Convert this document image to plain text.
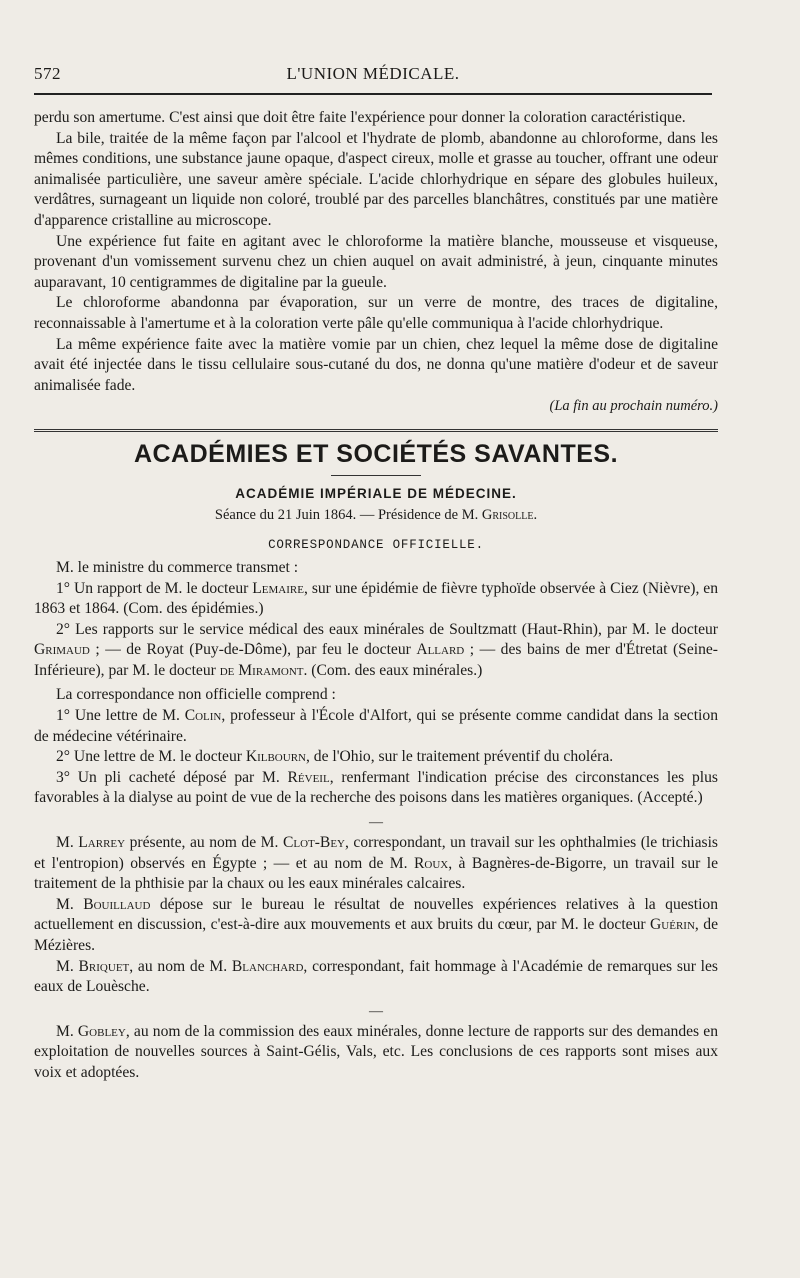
572	L'UNION MÉDICALE.

perdu son amertume. C'est ainsi que doit être faite l'expérience pour donner la coloration caractéristique.

La bile, traitée de la même façon par l'alcool et l'hydrate de plomb, abandonne au chloroforme, dans les mêmes conditions, une substance jaune opaque, d'aspect cireux, molle et grasse au toucher, offrant une odeur animalisée particulière, une saveur amère spéciale. L'acide chlorhydrique en sépare des globules huileux, verdâtres, surnageant un liquide non coloré, troublé par des parcelles blanchâtres, constitués par une matière d'apparence cristalline au microscope.

Une expérience fut faite en agitant avec le chloroforme la matière blanche, mousseuse et visqueuse, provenant d'un vomissement survenu chez un chien auquel on avait administré, à jeun, cinquante minutes auparavant, 10 centigrammes de digitaline par la gueule.

Le chloroforme abandonna par évaporation, sur un verre de montre, des traces de digitaline, reconnaissable à l'amertume et à la coloration verte pâle qu'elle communiqua à l'acide chlorhydrique.

La même expérience faite avec la matière vomie par un chien, chez lequel la même dose de digitaline avait été injectée dans le tissu cellulaire sous-cutané du dos, ne donna qu'une matière d'odeur et de saveur animalisée fade.

(La fin au prochain numéro.)

ACADÉMIES ET SOCIÉTÉS SAVANTES.
ACADÉMIE IMPÉRIALE DE MÉDECINE.
Séance du 21 Juin 1864. — Présidence de M. Grisolle.
CORRESPONDANCE OFFICIELLE.

M. le ministre du commerce transmet :

1° Un rapport de M. le docteur Lemaire, sur une épidémie de fièvre typhoïde observée à Ciez (Nièvre), en 1863 et 1864. (Com. des épidémies.)

2° Les rapports sur le service médical des eaux minérales de Soultzmatt (Haut-Rhin), par M. le docteur Grimaud ; — de Royat (Puy-de-Dôme), par feu le docteur Allard ; — des bains de mer d'Étretat (Seine-Inférieure), par M. le docteur de Miramont. (Com. des eaux minérales.)

La correspondance non officielle comprend :

1° Une lettre de M. Colin, professeur à l'École d'Alfort, qui se présente comme candidat dans la section de médecine vétérinaire.

2° Une lettre de M. le docteur Kilbourn, de l'Ohio, sur le traitement préventif du choléra.

3° Un pli cacheté déposé par M. Réveil, renfermant l'indication précise des circonstances les plus favorables à la dialyse au point de vue de la recherche des poisons dans les matières organiques. (Accepté.)

—

M. Larrey présente, au nom de M. Clot-Bey, correspondant, un travail sur les ophthalmies (le trichiasis et l'entropion) observés en Égypte ; — et au nom de M. Roux, à Bagnères-de-Bigorre, un travail sur le traitement de la phthisie par la chaux ou les eaux minérales calcaires.

M. Bouillaud dépose sur le bureau le résultat de nouvelles expériences relatives à la question actuellement en discussion, c'est-à-dire aux mouvements et aux bruits du cœur, par M. le docteur Guérin, de Mézières.

M. Briquet, au nom de M. Blanchard, correspondant, fait hommage à l'Académie de remarques sur les eaux de Louèsche.

—

M. Gobley, au nom de la commission des eaux minérales, donne lecture de rapports sur des demandes en exploitation de nouvelles sources à Saint-Gélis, Vals, etc. Les conclusions de ces rapports sont mises aux voix et adoptées.
